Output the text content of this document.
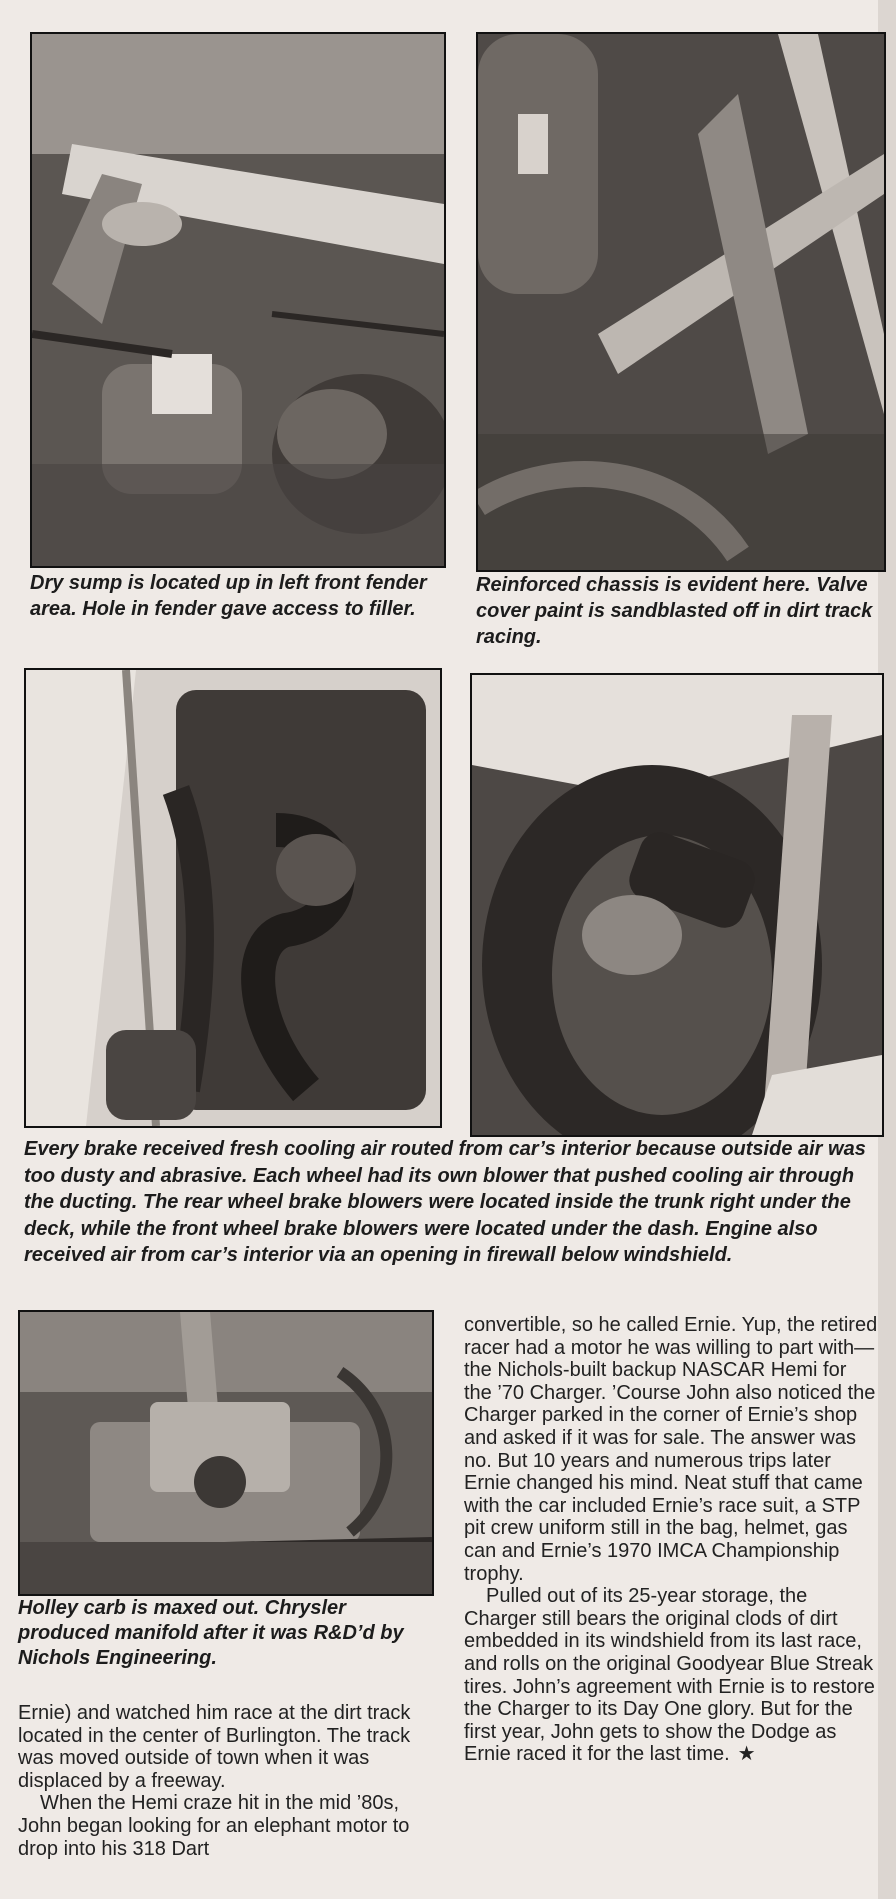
Dry sump is located up in left front fender area. Hole in fender gave access to filler.

Reinforced chassis is evident here. Valve cover paint is sandblasted off in dirt track racing.

Every brake received fresh cooling air routed from car’s interior because outside air was too dusty and abrasive. Each wheel had its own blower that pushed cooling air through the ducting. The rear wheel brake blowers were located inside the trunk right under the deck, while the front wheel brake blowers were located under the dash. Engine also received air from car’s interior via an opening in firewall below windshield.

Holley carb is maxed out. Chrysler produced manifold after it was R&D’d by Nichols Engineering.

Ernie) and watched him race at the dirt track located in the center of Burlington. The track was moved outside of town when it was displaced by a freeway.

When the Hemi craze hit in the mid ’80s, John began looking for an elephant motor to drop into his 318 Dart

convertible, so he called Ernie. Yup, the retired racer had a motor he was willing to part with—the Nichols-built backup NASCAR Hemi for the ’70 Charger. ’Course John also noticed the Charger parked in the corner of Ernie’s shop and asked if it was for sale. The answer was no. But 10 years and numerous trips later Ernie changed his mind. Neat stuff that came with the car included Ernie’s race suit, a STP pit crew uniform still in the bag, helmet, gas can and Ernie’s 1970 IMCA Championship trophy.

Pulled out of its 25-year storage, the Charger still bears the original clods of dirt embedded in its windshield from its last race, and rolls on the original Goodyear Blue Streak tires. John’s agreement with Ernie is to restore the Charger to its Day One glory. But for the first year, John gets to show the Dodge as Ernie raced it for the last time. ★
